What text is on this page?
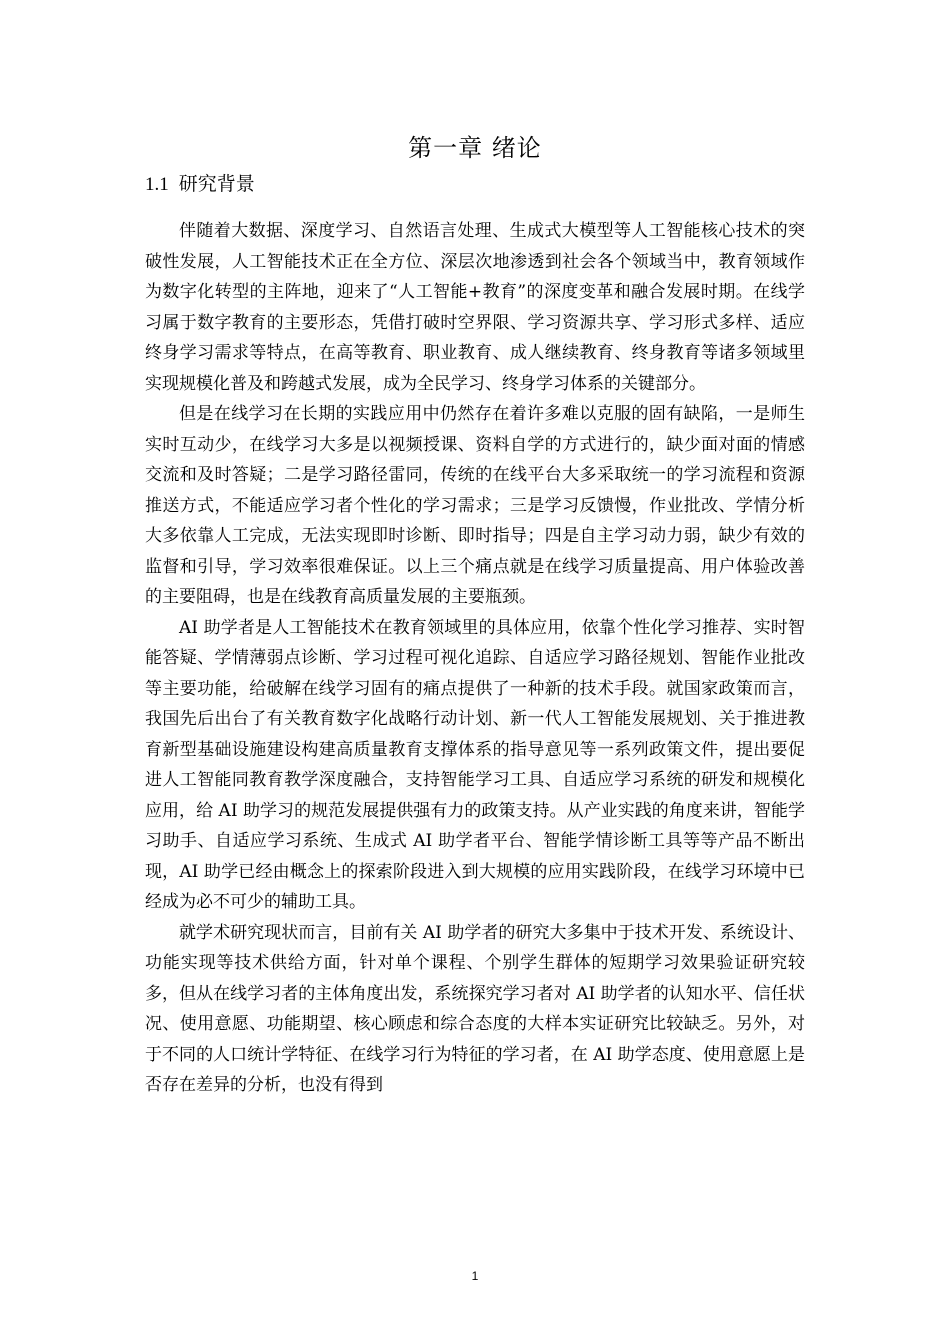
第一章 绪论
1.1 研究背景

伴随着大数据、深度学习、自然语言处理、生成式大模型等人工智能核心技术的突破性发展，人工智能技术正在全方位、深层次地渗透到社会各个领域当中，教育领域作为数字化转型的主阵地，迎来了“人工智能+教育”的深度变革和融合发展时期。在线学习属于数字教育的主要形态，凭借打破时空界限、学习资源共享、学习形式多样、适应终身学习需求等特点，在高等教育、职业教育、成人继续教育、终身教育等诸多领域里实现规模化普及和跨越式发展，成为全民学习、终身学习体系的关键部分。

但是在线学习在长期的实践应用中仍然存在着许多难以克服的固有缺陷，一是师生实时互动少，在线学习大多是以视频授课、资料自学的方式进行的，缺少面对面的情感交流和及时答疑；二是学习路径雷同，传统的在线平台大多采取统一的学习流程和资源推送方式，不能适应学习者个性化的学习需求；三是学习反馈慢，作业批改、学情分析大多依靠人工完成，无法实现即时诊断、即时指导；四是自主学习动力弱，缺少有效的监督和引导，学习效率很难保证。以上三个痛点就是在线学习质量提高、用户体验改善的主要阻碍，也是在线教育高质量发展的主要瓶颈。

AI 助学者是人工智能技术在教育领域里的具体应用，依靠个性化学习推荐、实时智能答疑、学情薄弱点诊断、学习过程可视化追踪、自适应学习路径规划、智能作业批改等主要功能，给破解在线学习固有的痛点提供了一种新的技术手段。就国家政策而言，我国先后出台了有关教育数字化战略行动计划、新一代人工智能发展规划、关于推进教育新型基础设施建设构建高质量教育支撑体系的指导意见等一系列政策文件，提出要促进人工智能同教育教学深度融合，支持智能学习工具、自适应学习系统的研发和规模化应用，给 AI 助学习的规范发展提供强有力的政策支持。从产业实践的角度来讲，智能学习助手、自适应学习系统、生成式 AI 助学者平台、智能学情诊断工具等等产品不断出现，AI 助学已经由概念上的探索阶段进入到大规模的应用实践阶段，在线学习环境中已经成为必不可少的辅助工具。

就学术研究现状而言，目前有关 AI 助学者的研究大多集中于技术开发、系统设计、功能实现等技术供给方面，针对单个课程、个别学生群体的短期学习效果验证研究较多，但从在线学习者的主体角度出发，系统探究学习者对 AI 助学者的认知水平、信任状况、使用意愿、功能期望、核心顾虑和综合态度的大样本实证研究比较缺乏。另外，对于不同的人口统计学特征、在线学习行为特征的学习者，在 AI 助学态度、使用意愿上是否存在差异的分析，也没有得到

1
